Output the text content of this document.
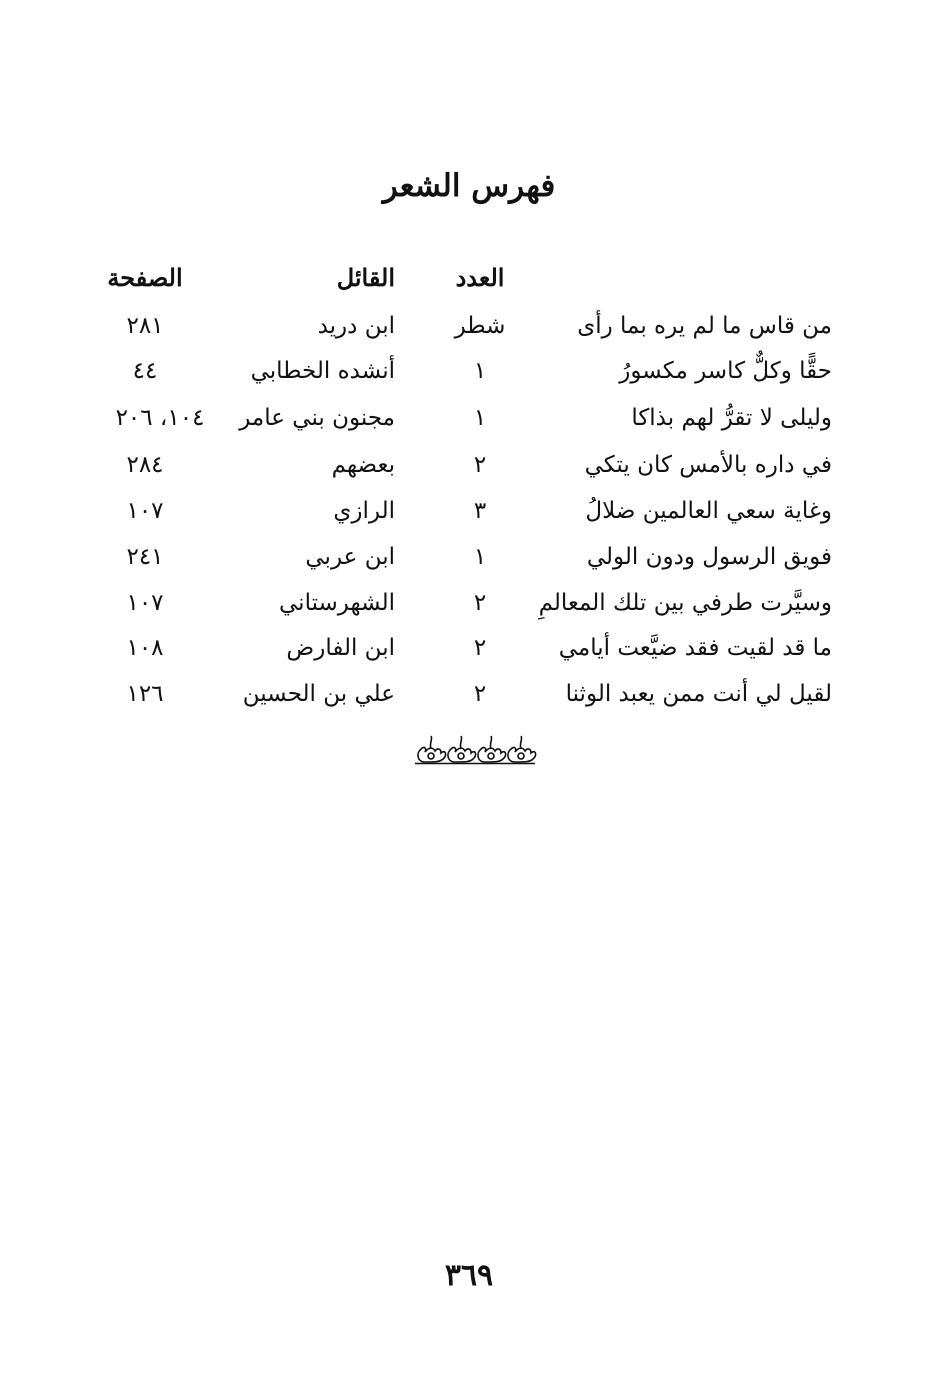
فهرس الشعر
العدد
القائل
الصفحة
من قاس ما لم يره بما رأى
شطر
ابن دريد
٢٨١
حقًّا وكلٌّ كاسر مكسورُ
١
أنشده الخطابي
٤٤
وليلى لا تقرُّ لهم بذاكا
١
مجنون بني عامر
١٠٤، ٢٠٦
في داره بالأمس كان يتكي
٢
بعضهم
٢٨٤
وغاية سعي العالمين ضلالُ
٣
الرازي
١٠٧
فويق الرسول ودون الولي
١
ابن عربي
٢٤١
وسيَّرت طرفي بين تلك المعالمِ
٢
الشهرستاني
١٠٧
ما قد لقيت فقد ضيَّعت أيامي
٢
ابن الفارض
١٠٨
لقيل لي أنت ممن يعبد الوثنا
٢
علي بن الحسين
١٢٦
٣٦٩
